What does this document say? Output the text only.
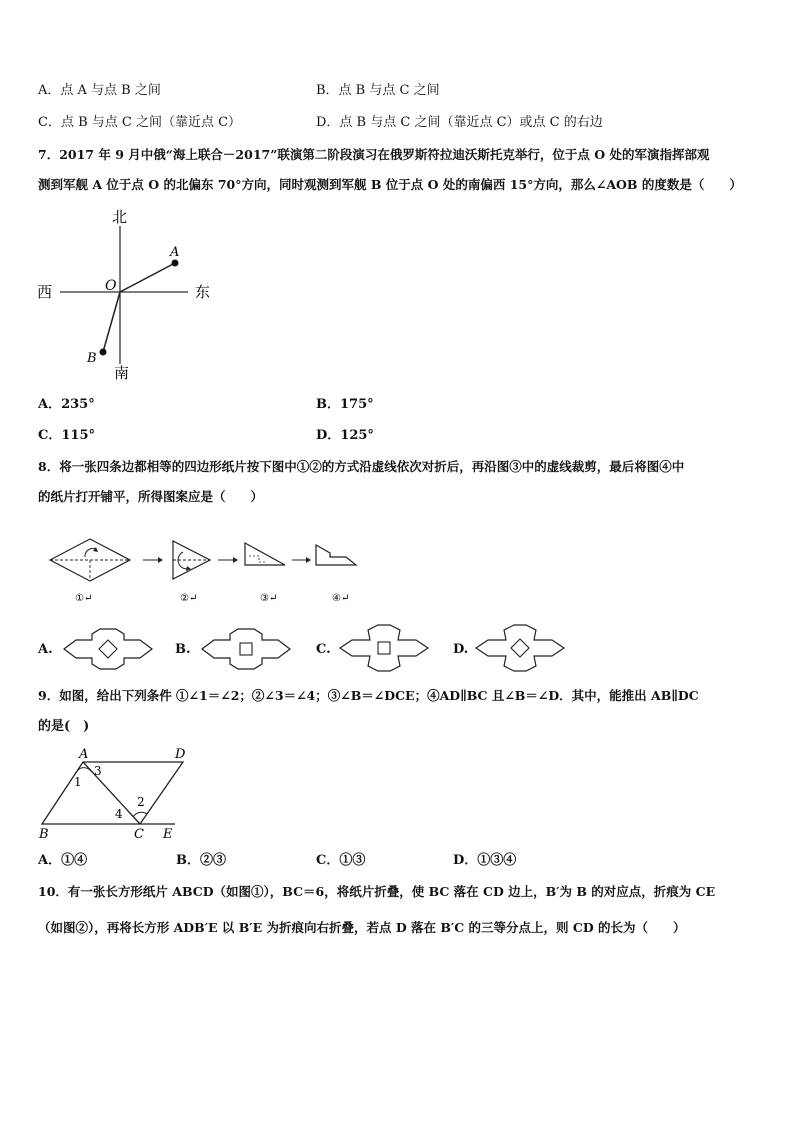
A．点 A 与点 B 之间	B．点 B 与点 C 之间
C．点 B 与点 C 之间（靠近点 C）	D．点 B 与点 C 之间（靠近点 C）或点 C 的右边
7．2017 年 9 月中俄“海上联合－2017”联演第二阶段演习在俄罗斯符拉迪沃斯托克举行，位于点 O 处的军演指挥部观
测到军舰 A 位于点 O 的北偏东 70°方向，同时观测到军舰 B 位于点 O 处的南偏西 15°方向，那么∠AOB 的度数是（　　）
北
南
西	东
O
A
B
A．235°	B．175°
C．115°	D．125°
8．将一张四条边都相等的四边形纸片按下图中①②的方式沿虚线依次对折后，再沿图③中的虚线裁剪，最后将图④中
的纸片打开铺平，所得图案应是（　　）
①↵	②↵	③↵	④↵
A.	B.	C.	D.
9．如图，给出下列条件 ①∠1＝∠2；②∠3＝∠4；③∠B＝∠DCE；④AD∥BC 且∠B＝∠D．其中，能推出 AB∥DC
的是(　)
A	D
B	C E
1
2
3
4
A．①④	B．②③	C．①③	D．①③④
10．有一张长方形纸片 ABCD（如图①），BC＝6，将纸片折叠，使 BC 落在 CD 边上，B′为 B 的对应点，折痕为 CE
（如图②），再将长方形 ADB′E 以 B′E 为折痕向右折叠，若点 D 落在 B′C 的三等分点上，则 CD 的长为（　　）
